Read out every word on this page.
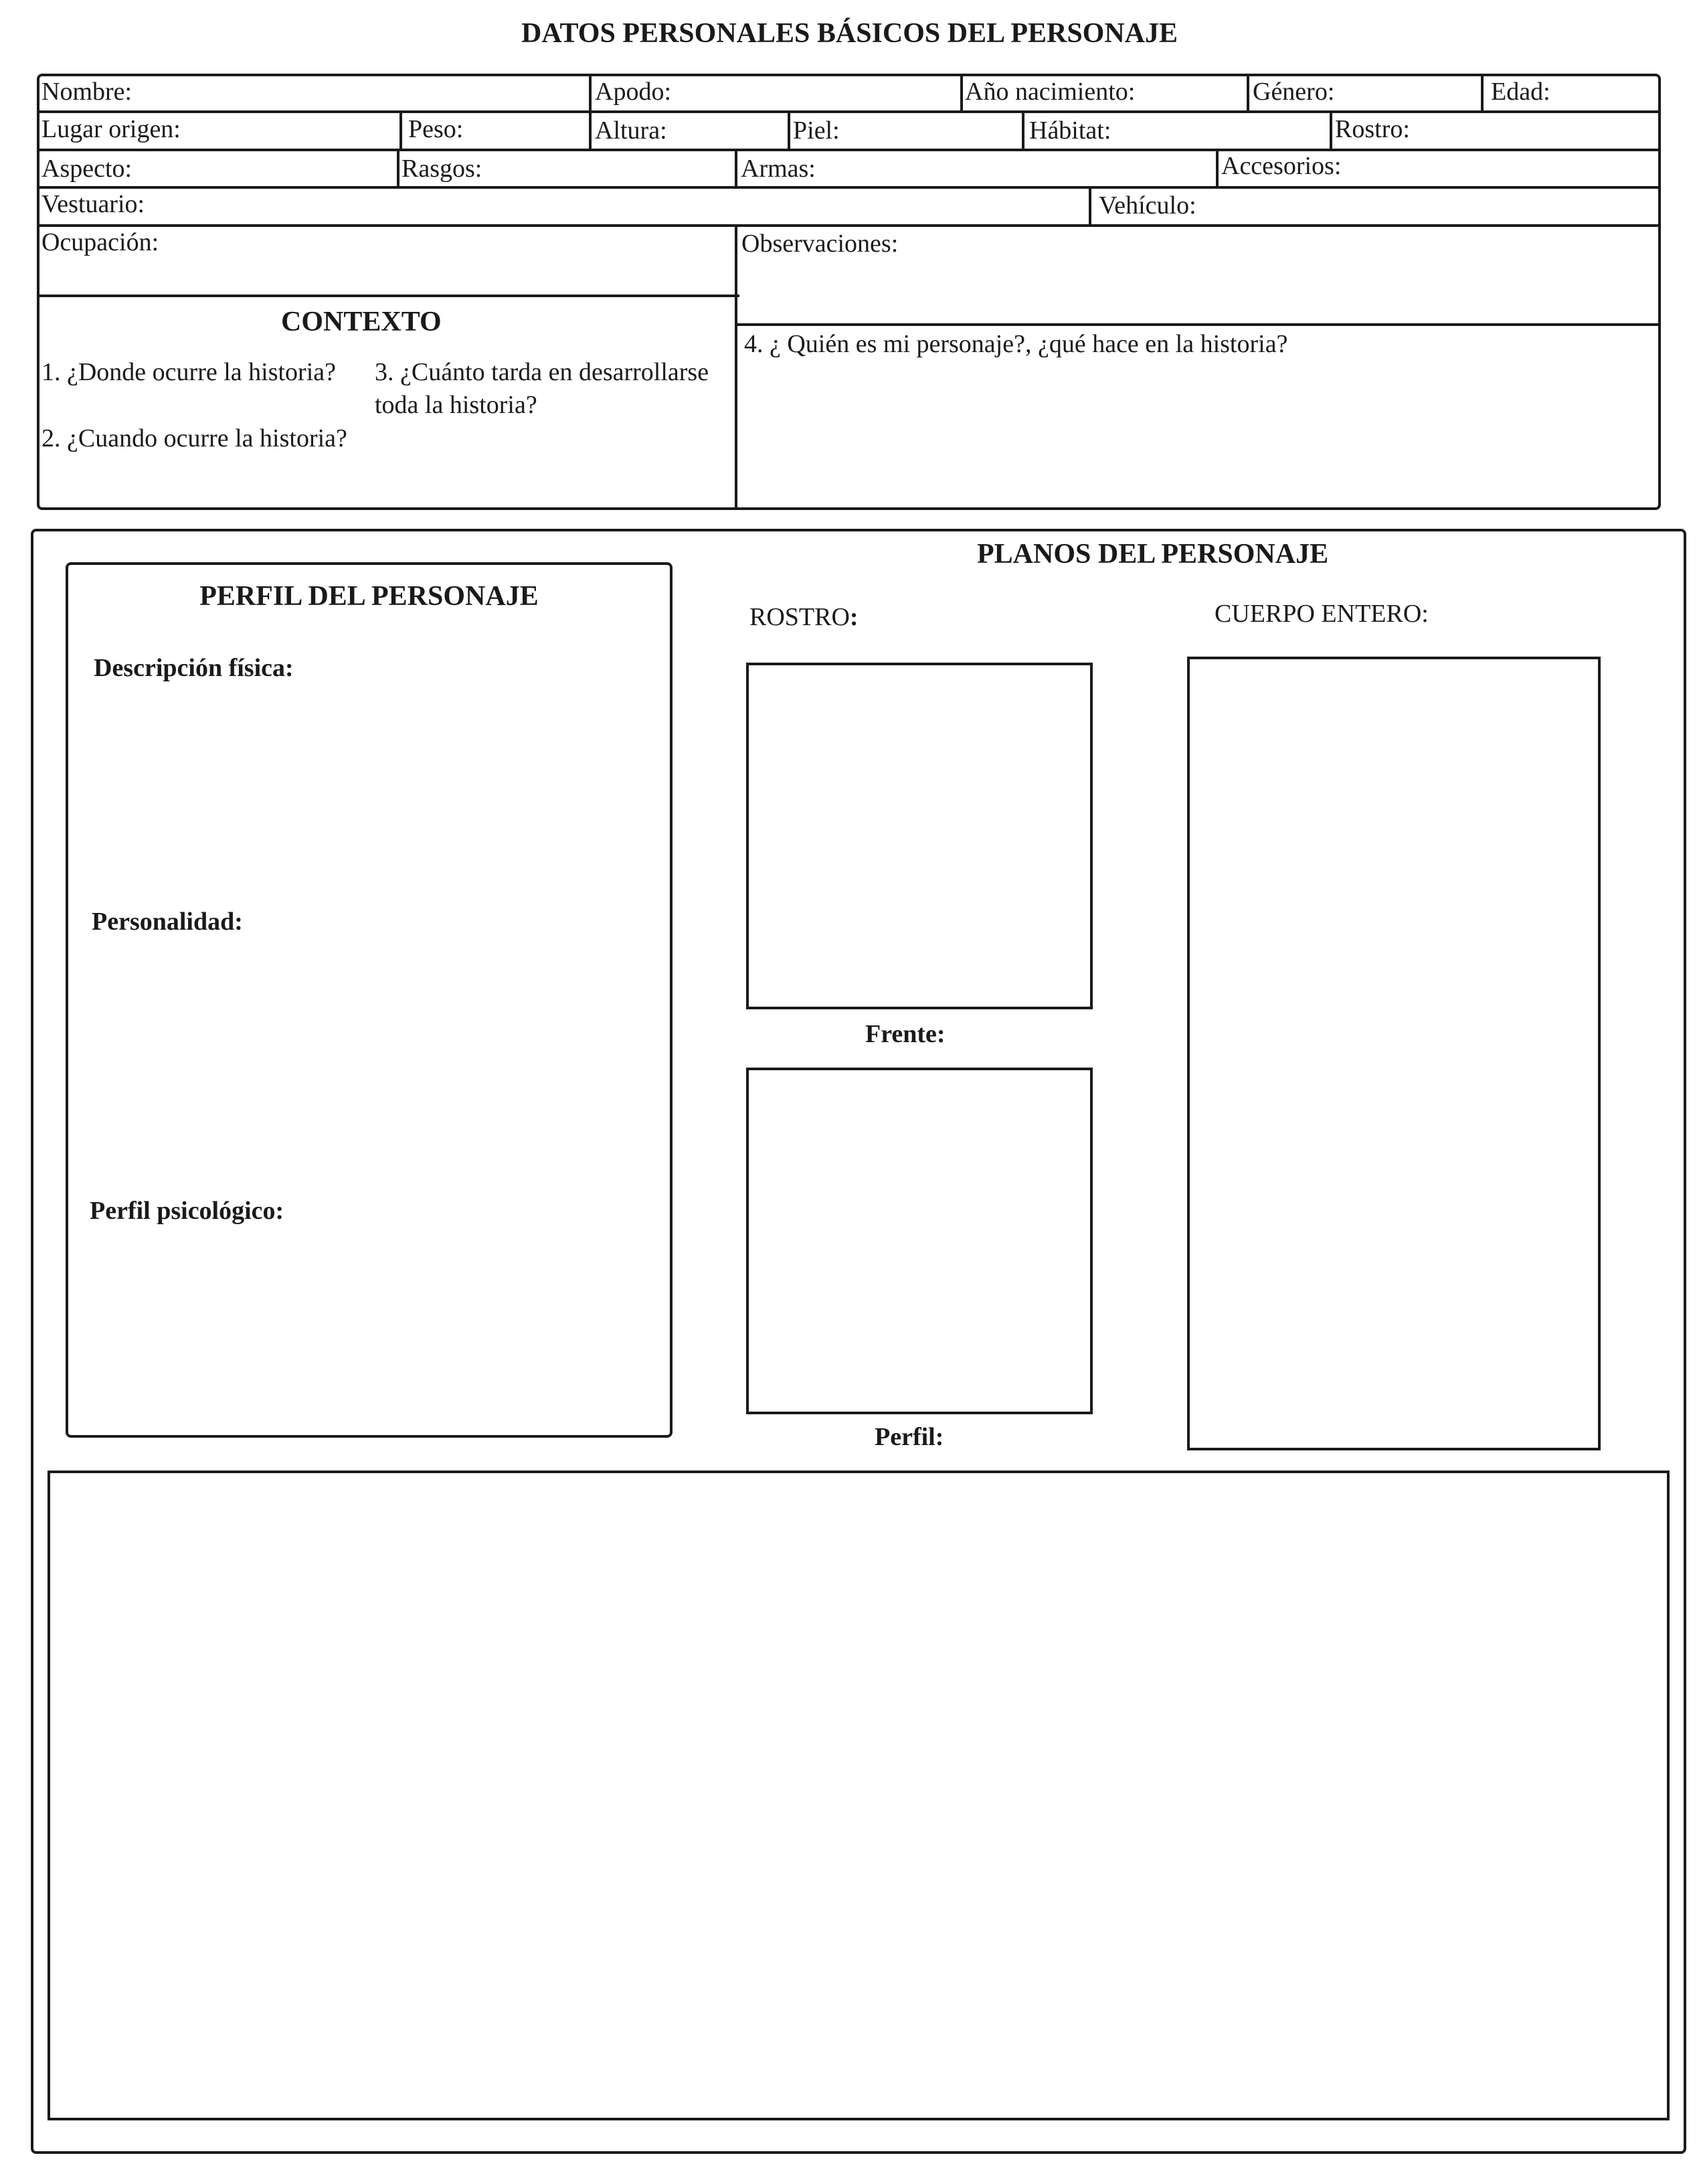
DATOS PERSONALES BÁSICOS DEL PERSONAJE
Nombre:	Apodo:	Año nacimiento:	Género:	Edad:
Lugar origen:	Peso:	Altura:	Piel:	Hábitat:	Rostro:
Aspecto:	Rasgos:	Armas:	Accesorios:
Vestuario:	Vehículo:
Ocupación:	Observaciones:
CONTEXTO
1. ¿Donde ocurre la historia? 3. ¿Cuánto tarda en desarrollarse
toda la historia?
2. ¿Cuando ocurre la historia?
4. ¿ Quién es mi personaje?, ¿qué hace en la historia?
PERFIL DEL PERSONAJE
Descripción física:
Personalidad:
Perfil psicológico:
PLANOS DEL PERSONAJE
ROSTRO:	CUERPO ENTERO:
Frente:
Perfil:
